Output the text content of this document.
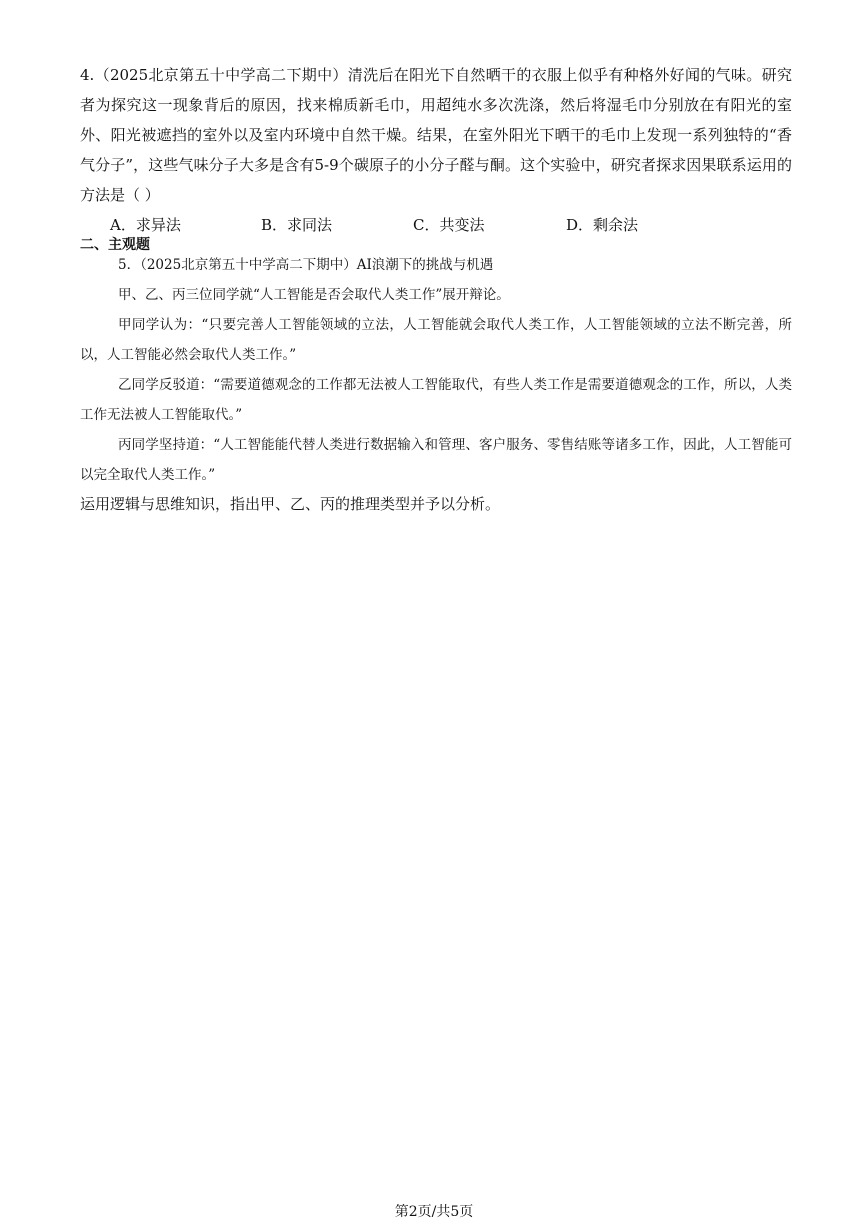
4.（2025北京第五十中学高二下期中）清洗后在阳光下自然晒干的衣服上似乎有种格外好闻的气味。研究者为探究这一现象背后的原因，找来棉质新毛巾，用超纯水多次洗涤，然后将湿毛巾分别放在有阳光的室外、阳光被遮挡的室外以及室内环境中自然干燥。结果，在室外阳光下晒干的毛巾上发现一系列独特的“香气分子”，这些气味分子大多是含有5-9个碳原子的小分子醛与酮。这个实验中，研究者探求因果联系运用的方法是（ ）
A．求异法	B．求同法	C．共变法	D．剩余法
二、主观题
5．（2025北京第五十中学高二下期中）AI浪潮下的挑战与机遇
甲、乙、丙三位同学就“人工智能是否会取代人类工作”展开辩论。
甲同学认为：“只要完善人工智能领域的立法，人工智能就会取代人类工作，人工智能领域的立法不断完善，所以，人工智能必然会取代人类工作。”
乙同学反驳道：“需要道德观念的工作都无法被人工智能取代，有些人类工作是需要道德观念的工作，所以，人类工作无法被人工智能取代。”
丙同学坚持道：“人工智能能代替人类进行数据输入和管理、客户服务、零售结账等诸多工作，因此，人工智能可以完全取代人类工作。”
运用逻辑与思维知识，指出甲、乙、丙的推理类型并予以分析。
第2页/共5页
